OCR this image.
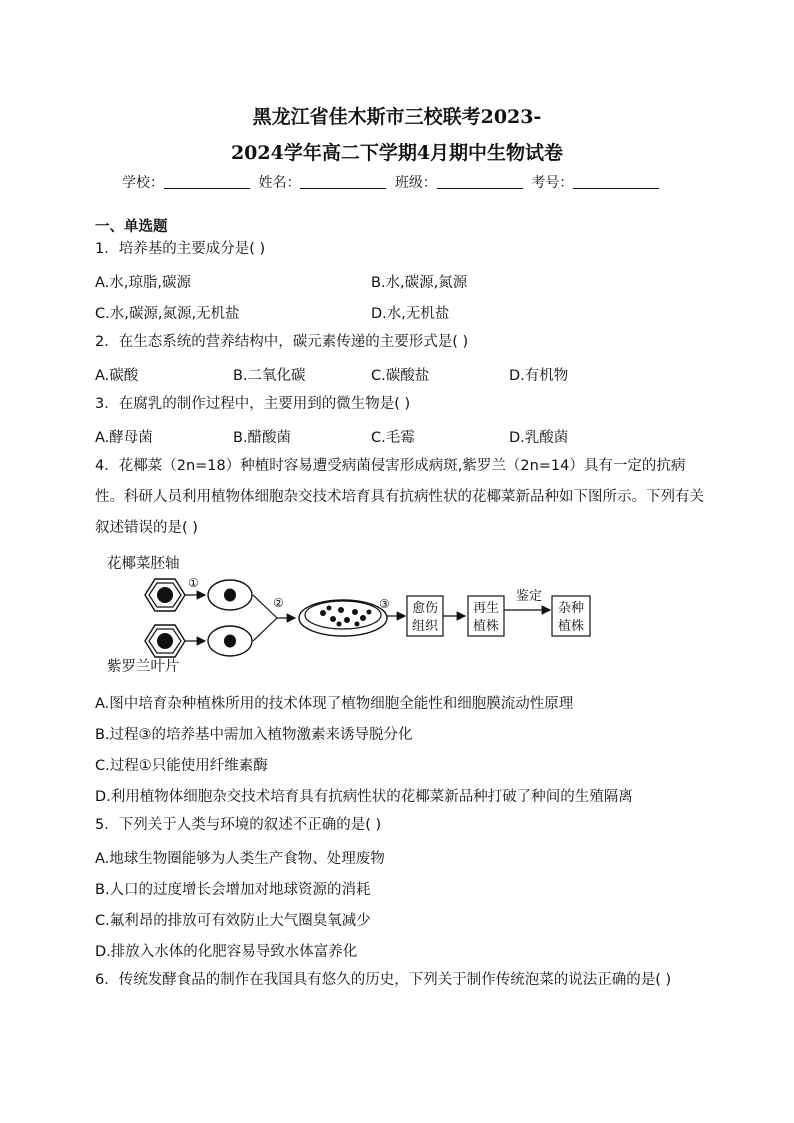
黑龙江省佳木斯市三校联考2023-
2024学年高二下学期4月期中生物试卷
学校：	姓名：	班级：	考号：
一、单选题
1．培养基的主要成分是( )
A.水,琼脂,碳源	B.水,碳源,氮源
C.水,碳源,氮源,无机盐	D.水,无机盐
2．在生态系统的营养结构中，碳元素传递的主要形式是( )
A.碳酸	B.二氧化碳	C.碳酸盐	D.有机物
3．在腐乳的制作过程中，主要用到的微生物是( )
A.酵母菌	B.醋酸菌	C.毛霉	D.乳酸菌
4．花椰菜（2n=18）种植时容易遭受病菌侵害形成病斑,紫罗兰（2n=14）具有一定的抗病性。科研人员利用植物体细胞杂交技术培育具有抗病性状的花椰菜新品种如下图所示。下列有关叙述错误的是( )
花椰菜胚轴
①
紫罗兰叶片
②	③ 愈伤
组织
再生
植株
鉴定
杂种
植株
A.图中培育杂种植株所用的技术体现了植物细胞全能性和细胞膜流动性原理
B.过程③的培养基中需加入植物激素来诱导脱分化
C.过程①只能使用纤维素酶
D.利用植物体细胞杂交技术培育具有抗病性状的花椰菜新品种打破了种间的生殖隔离
5．下列关于人类与环境的叙述不正确的是( )
A.地球生物圈能够为人类生产食物、处理废物
B.人口的过度增长会增加对地球资源的消耗
C.氟利昂的排放可有效防止大气圈臭氧减少
D.排放入水体的化肥容易导致水体富养化
6．传统发酵食品的制作在我国具有悠久的历史，下列关于制作传统泡菜的说法正确的是( )
